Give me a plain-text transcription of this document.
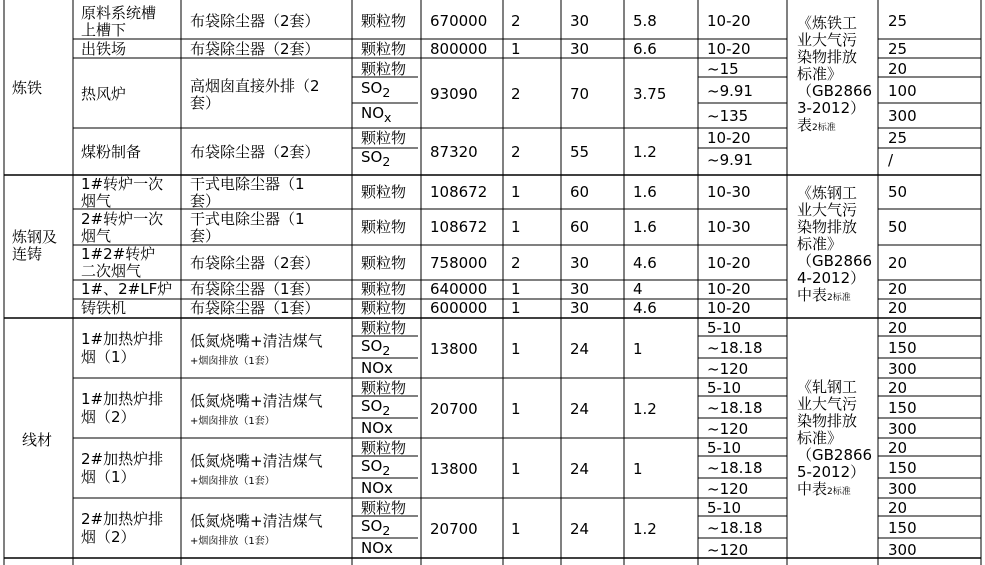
炼铁
炼钢及
连铸
线材
原料系统槽
上槽下
出铁场
热风炉
煤粉制备
1#转炉一次
烟气
2#转炉一次
烟气
1#2#转炉
二次烟气
1#、2#LF炉
铸铁机
1#加热炉排
烟（1）
1#加热炉排
烟（2）
2#加热炉排
烟（1）
2#加热炉排
烟（2）
布袋除尘器（2套）
布袋除尘器（2套）
高烟囱直接外排（2
套）
布袋除尘器（2套）
干式电除尘器（1
套）
干式电除尘器（1
套）
布袋除尘器（2套）
布袋除尘器（1套）
布袋除尘器（1套）
低氮烧嘴+清洁煤气
+烟囱排放（1套）
低氮烧嘴+清洁煤气
+烟囱排放（1套）
低氮烧嘴+清洁煤气
+烟囱排放（1套）
低氮烧嘴+清洁煤气
+烟囱排放（1套）
颗粒物
颗粒物
颗粒物
$SO_2$
$NO_x$
颗粒物
$SO_2$
颗粒物
颗粒物
颗粒物
颗粒物
颗粒物
颗粒物
$SO_2$
NOx
颗粒物
$SO_2$
NOx
颗粒物
$SO_2$
NOx
颗粒物
$SO_2$
NOx
670000
800000
93090
87320
108672
108672
758000
640000
600000
13800
20700
13800
20700
2
1
2
2
1
1
2
1
1
1
1
1
1
30
30
70
55
60
60
30
30
30
24
24
24
24
5.8
6.6
3.75
1.2
1.6
1.6
4.6
4
4.6
1
1.2
1
1.2
10-20
10-20
~15
~9.91
~135
10-20
~9.91
10-30
10-30
10-20
10-20
10-20
5-10
~18.18
~120
5-10
~18.18
~120
5-10
~18.18
~120
5-10
~18.18
~120
《炼铁工
业大气污
染物排放
标准》
（GB2866
3-2012）
表2标准
《炼钢工
业大气污
染物排放
标准》
（GB2866
4-2012）
中表2标准
《轧钢工
业大气污
染物排放
标准》
（GB2866
5-2012）
中表2标准
25
25
20
100
300
25
/
50
50
20
20
20
20
150
300
20
150
300
20
150
300
20
150
300
